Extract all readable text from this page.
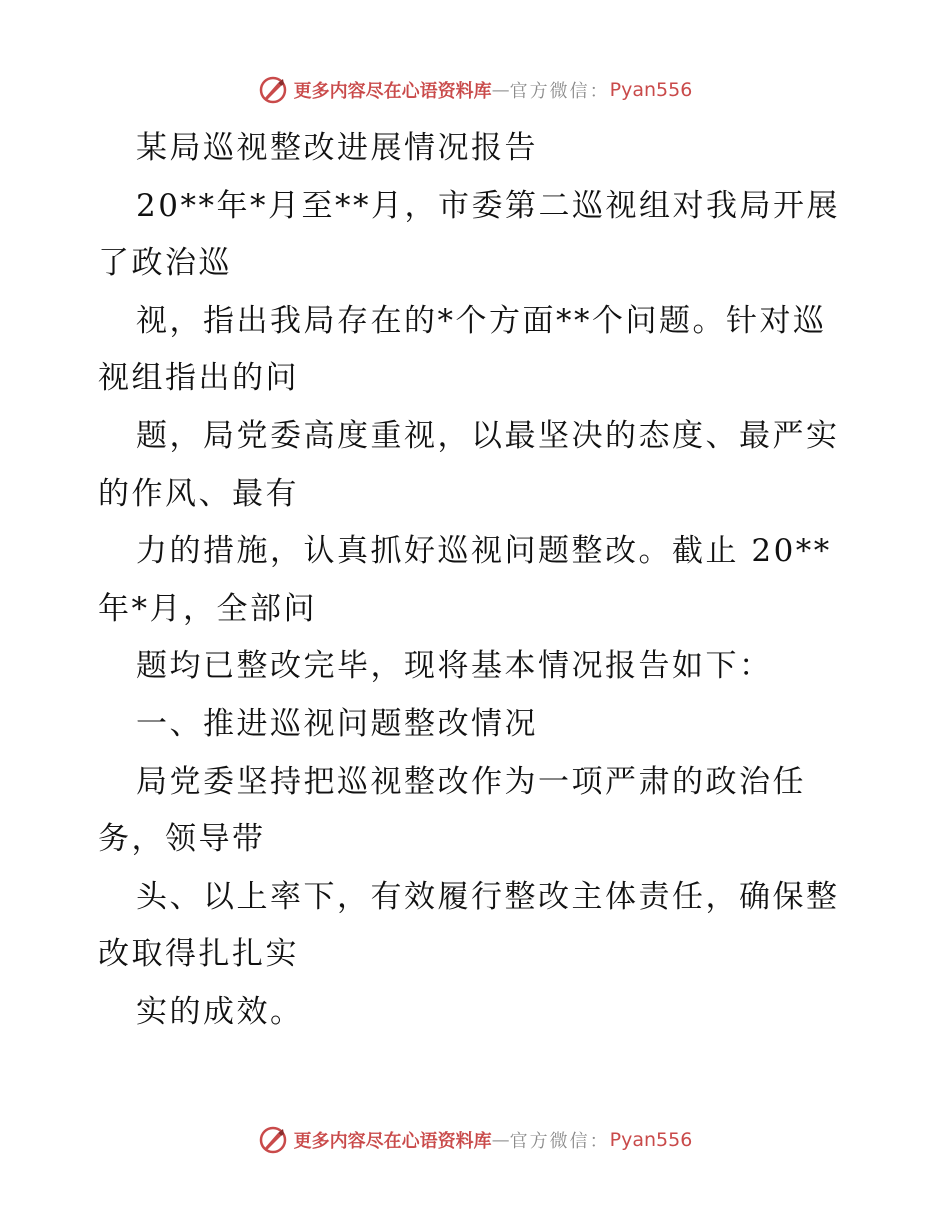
更多内容尽在心语资料库 — 官方微信： Pyan556
某局巡视整改进展情况报告
20**年*月至**月，市委第二巡视组对我局开展
了政治巡
视，指出我局存在的*个方面**个问题。针对巡
视组指出的问
题，局党委高度重视，以最坚决的态度、最严实
的作风、最有
力的措施，认真抓好巡视问题整改。截止 20**
年*月，全部问
题均已整改完毕，现将基本情况报告如下：
一、推进巡视问题整改情况
局党委坚持把巡视整改作为一项严肃的政治任
务，领导带
头、以上率下，有效履行整改主体责任，确保整
改取得扎扎实
实的成效。
更多内容尽在心语资料库 — 官方微信： Pyan556
